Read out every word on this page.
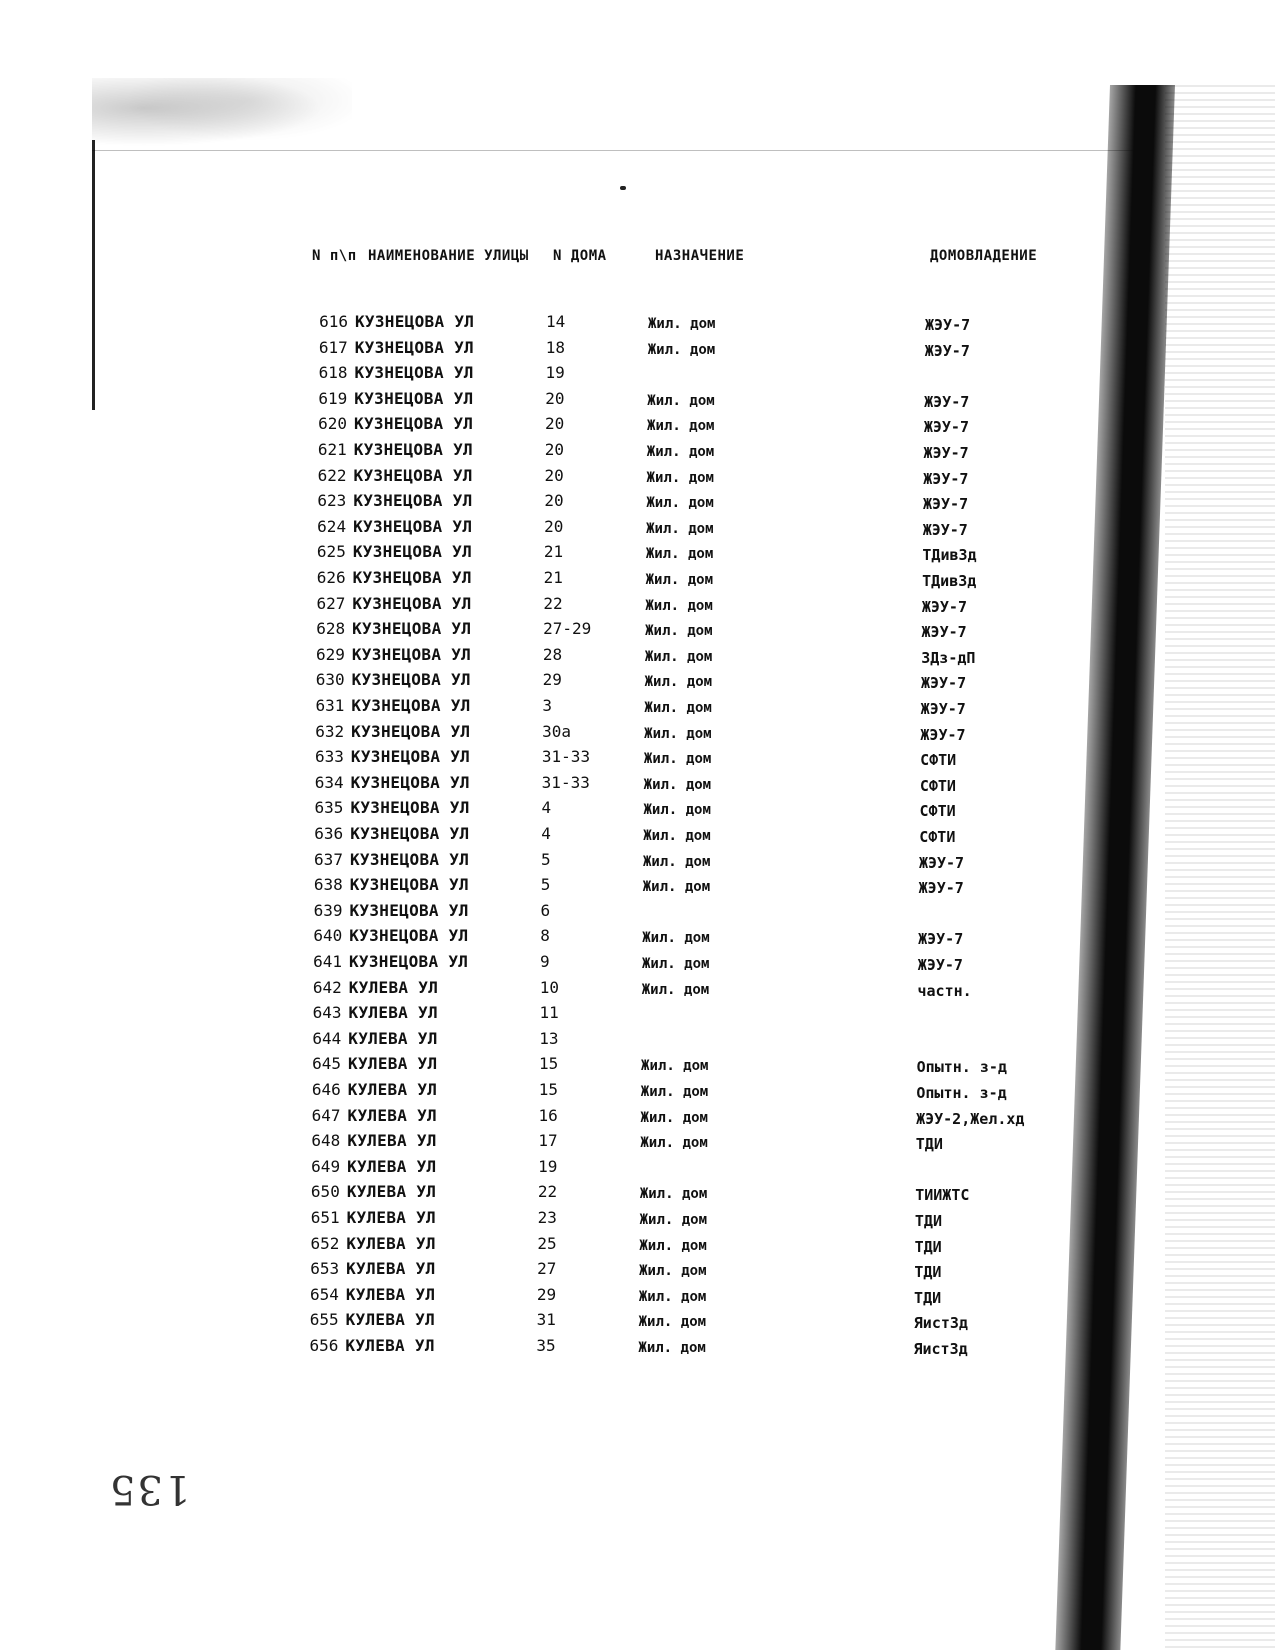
N п\п НАИМЕНОВАНИЕ УЛИЦЫ N ДОМА	НАЗНАЧЕНИЕ	ДОМОВЛАДЕНИЕ
616 КУЗНЕЦОВА УЛ	14	Жил. дом	ЖЭУ-7
617 КУЗНЕЦОВА УЛ	18	Жил. дом	ЖЭУ-7
618 КУЗНЕЦОВА УЛ	19
619 КУЗНЕЦОВА УЛ	20	Жил. дом	ЖЭУ-7
620 КУЗНЕЦОВА УЛ	20	Жил. дом	ЖЭУ-7
621 КУЗНЕЦОВА УЛ	20	Жил. дом	ЖЭУ-7
622 КУЗНЕЦОВА УЛ	20	Жил. дом	ЖЭУ-7
623 КУЗНЕЦОВА УЛ	20	Жил. дом	ЖЭУ-7
624 КУЗНЕЦОВА УЛ	20	Жил. дом	ЖЭУ-7
625 КУЗНЕЦОВА УЛ	21	Жил. дом	ТДивЗд
626 КУЗНЕЦОВА УЛ	21	Жил. дом	ТДивЗд
627 КУЗНЕЦОВА УЛ	22	Жил. дом	ЖЭУ-7
628 КУЗНЕЦОВА УЛ	27-29	Жил. дом	ЖЭУ-7
629 КУЗНЕЦОВА УЛ	28	Жил. дом	ЗДз-дП
630 КУЗНЕЦОВА УЛ	29	Жил. дом	ЖЭУ-7
631 КУЗНЕЦОВА УЛ	3	Жил. дом	ЖЭУ-7
632 КУЗНЕЦОВА УЛ	30а	Жил. дом	ЖЭУ-7
633 КУЗНЕЦОВА УЛ	31-33	Жил. дом	СФТИ
634 КУЗНЕЦОВА УЛ	31-33	Жил. дом	СФТИ
635 КУЗНЕЦОВА УЛ	4	Жил. дом	СФТИ
636 КУЗНЕЦОВА УЛ	4	Жил. дом	СФТИ
637 КУЗНЕЦОВА УЛ	5	Жил. дом	ЖЭУ-7
638 КУЗНЕЦОВА УЛ	5	Жил. дом	ЖЭУ-7
639 КУЗНЕЦОВА УЛ	6
640 КУЗНЕЦОВА УЛ	8	Жил. дом	ЖЭУ-7
641 КУЗНЕЦОВА УЛ	9	Жил. дом	ЖЭУ-7
642 КУЛЕВА УЛ	10	Жил. дом	частн.
643 КУЛЕВА УЛ	11
644 КУЛЕВА УЛ	13
645 КУЛЕВА УЛ	15	Жил. дом	Опытн. з-д
646 КУЛЕВА УЛ	15	Жил. дом	Опытн. з-д
647 КУЛЕВА УЛ	16	Жил. дом	ЖЭУ-2,Жел.хд
648 КУЛЕВА УЛ	17	Жил. дом	ТДИ
649 КУЛЕВА УЛ	19
650 КУЛЕВА УЛ	22	Жил. дом	ТИИЖТС
651 КУЛЕВА УЛ	23	Жил. дом	ТДИ
652 КУЛЕВА УЛ	25	Жил. дом	ТДИ
653 КУЛЕВА УЛ	27	Жил. дом	ТДИ
654 КУЛЕВА УЛ	29	Жил. дом	ТДИ
655 КУЛЕВА УЛ	31	Жил. дом	ЯистЗд
656 КУЛЕВА УЛ	35	Жил. дом	ЯистЗд
135
